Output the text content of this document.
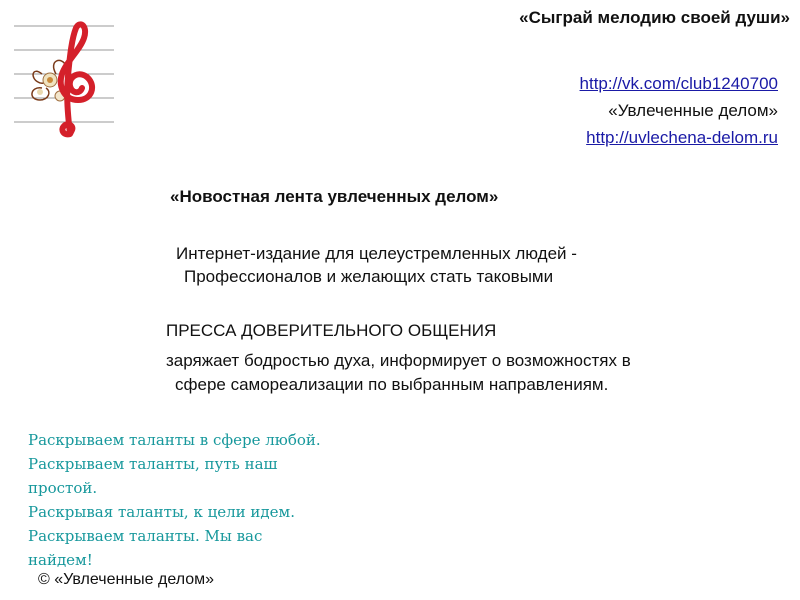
«Сыграй мелодию своей души»
http://vk.com/club1240700
«Увлеченные делом»
http://uvlechena-delom.ru
«Новостная лента увлеченных делом»

Интернет-издание для целеустремленных людей -

Профессионалов и желающих стать таковыми

ПРЕССА ДОВЕРИТЕЛЬНОГО ОБЩЕНИЯ

заряжает бодростью духа, информирует о возможностях в

сфере самореализации по выбранным направлениям.

Раскрываем таланты в сфере любой.

Раскрываем таланты, путь наш

простой.

Раскрывая таланты, к цели идем.

Раскрываем таланты. Мы вас

найдем!

© «Увлеченные делом»
